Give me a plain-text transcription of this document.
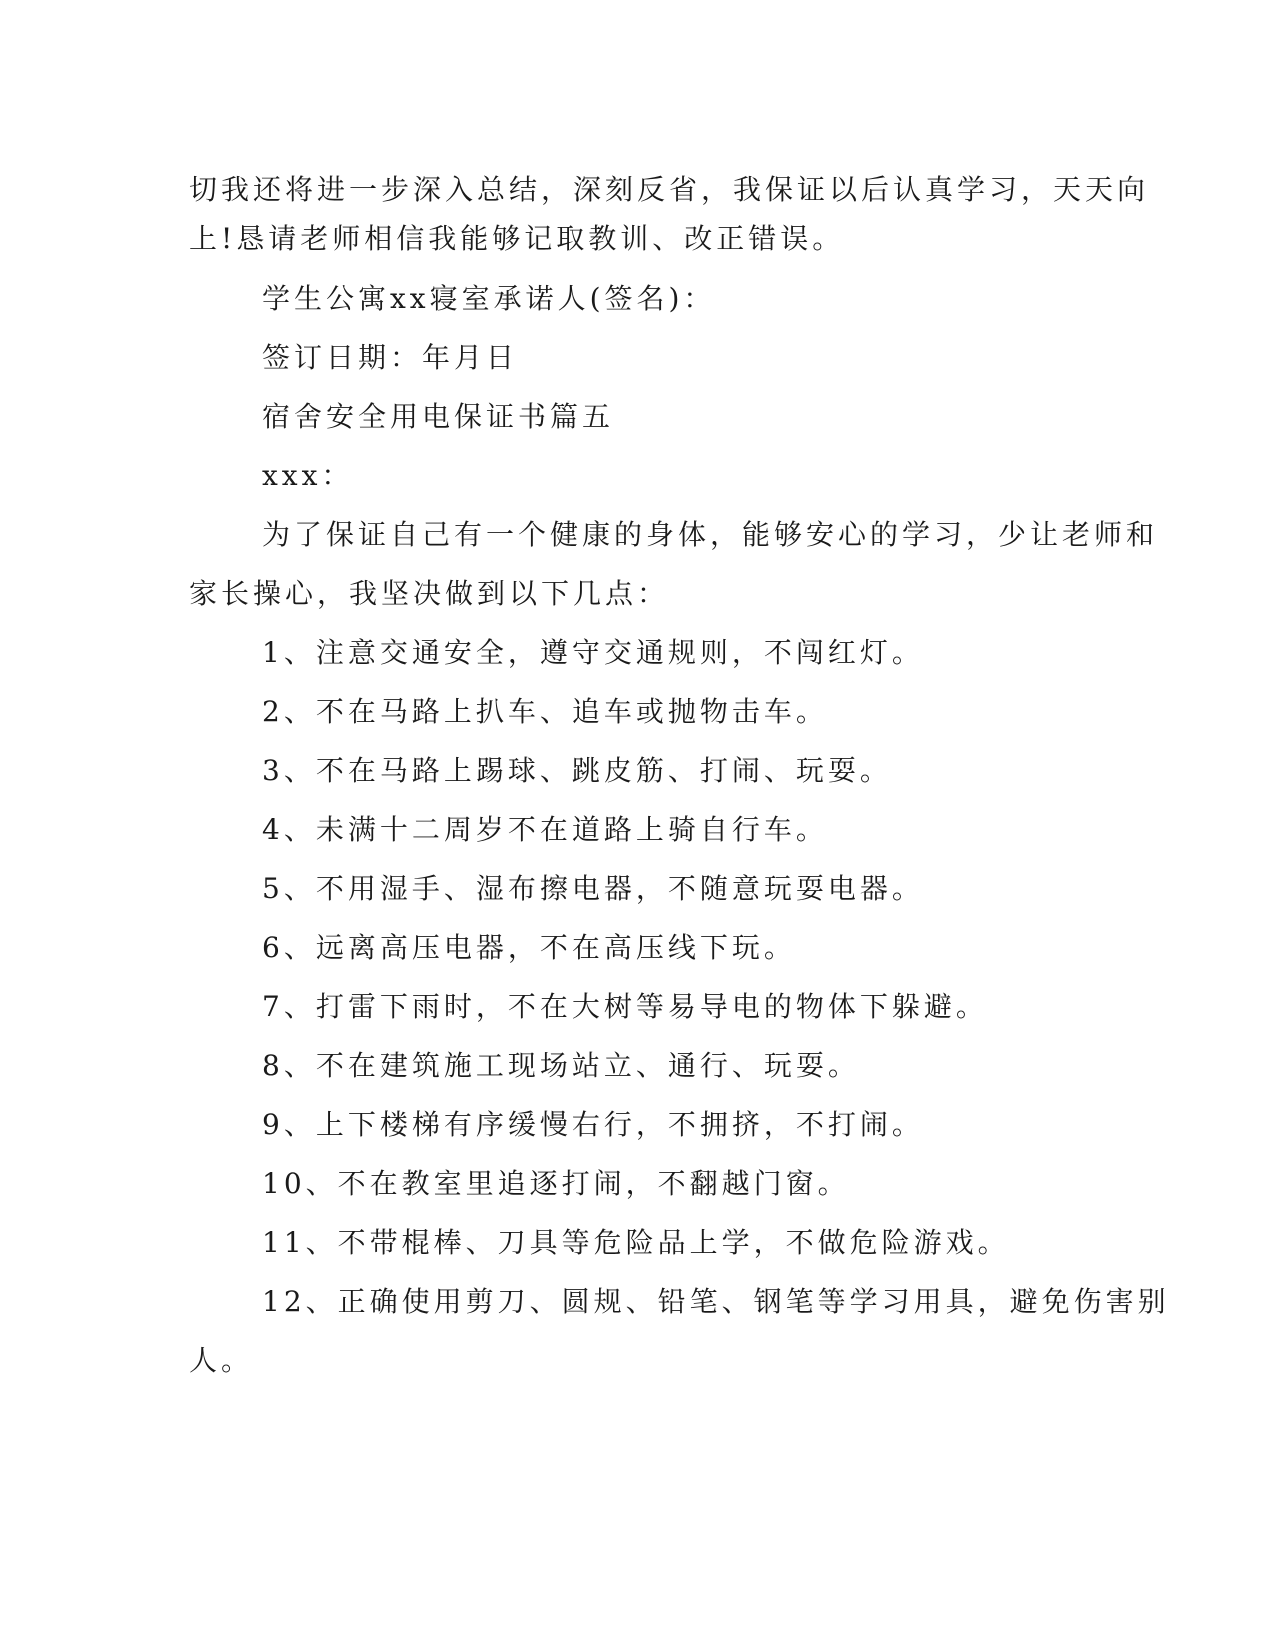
切我还将进一步深入总结，深刻反省，我保证以后认真学习，天天向
上!恳请老师相信我能够记取教训、改正错误。
学生公寓xx寝室承诺人(签名)：
签订日期：年月日
宿舍安全用电保证书篇五
xxx：
为了保证自己有一个健康的身体，能够安心的学习，少让老师和
家长操心，我坚决做到以下几点：
1、注意交通安全，遵守交通规则，不闯红灯。
2、不在马路上扒车、追车或抛物击车。
3、不在马路上踢球、跳皮筋、打闹、玩耍。
4、未满十二周岁不在道路上骑自行车。
5、不用湿手、湿布擦电器，不随意玩耍电器。
6、远离高压电器，不在高压线下玩。
7、打雷下雨时，不在大树等易导电的物体下躲避。
8、不在建筑施工现场站立、通行、玩耍。
9、上下楼梯有序缓慢右行，不拥挤，不打闹。
10、不在教室里追逐打闹，不翻越门窗。
11、不带棍棒、刀具等危险品上学，不做危险游戏。
12、正确使用剪刀、圆规、铅笔、钢笔等学习用具，避免伤害别
人。
